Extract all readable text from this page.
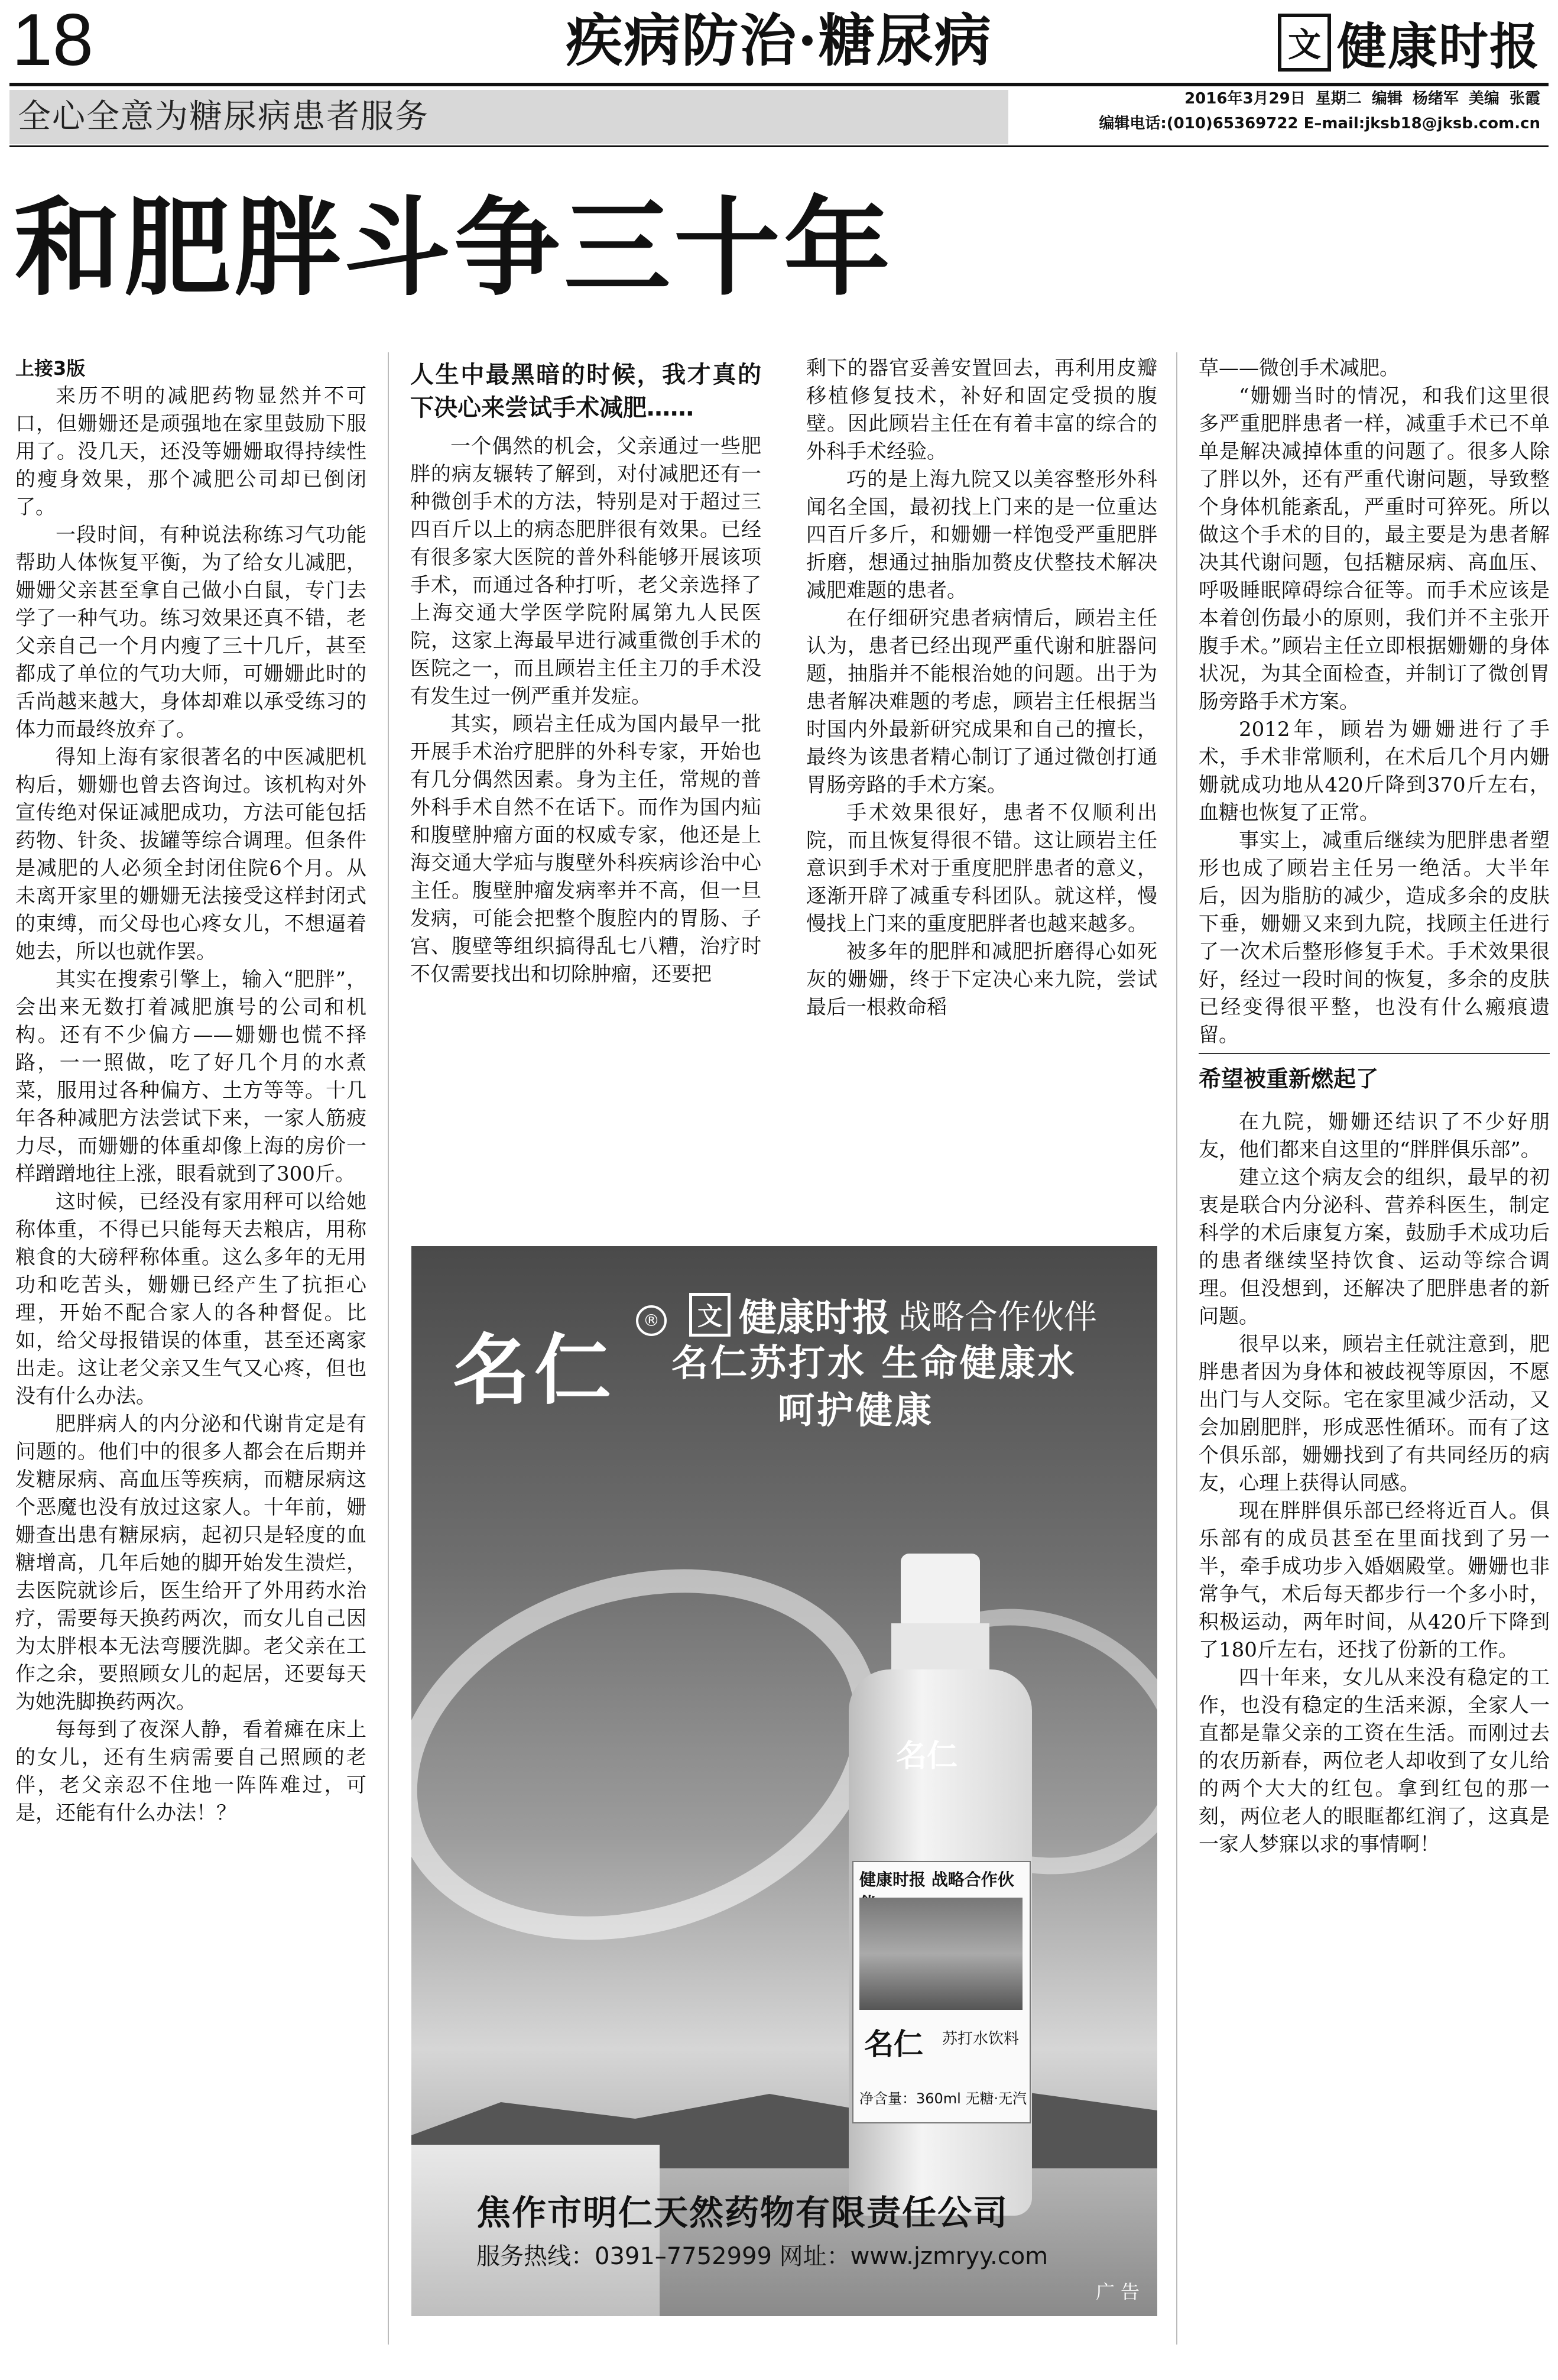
18	疾病防治·糖尿病	文 健康时报
全心全意为糖尿病患者服务	2016年3月29日 星期二 编辑 杨绪军 美编 张霞
编辑电话:(010)65369722 E–mail:jksb18@jksb.com.cn
和肥胖斗争三十年

上接3版

来历不明的减肥药物显然并不可口，但姗姗还是顽强地在家里鼓励下服用了。没几天，还没等姗姗取得持续性的瘦身效果，那个减肥公司却已倒闭了。

一段时间，有种说法称练习气功能帮助人体恢复平衡，为了给女儿减肥，姗姗父亲甚至拿自己做小白鼠，专门去学了一种气功。练习效果还真不错，老父亲自己一个月内瘦了三十几斤，甚至都成了单位的气功大师，可姗姗此时的舌尚越来越大，身体却难以承受练习的体力而最终放弃了。

得知上海有家很著名的中医减肥机构后，姗姗也曾去咨询过。该机构对外宣传绝对保证减肥成功，方法可能包括药物、针灸、拔罐等综合调理。但条件是减肥的人必须全封闭住院6个月。从未离开家里的姗姗无法接受这样封闭式的束缚，而父母也心疼女儿，不想逼着她去，所以也就作罢。

其实在搜索引擎上，输入“肥胖”，会出来无数打着减肥旗号的公司和机构。还有不少偏方——姗姗也慌不择路，一一照做，吃了好几个月的水煮菜，服用过各种偏方、土方等等。十几年各种减肥方法尝试下来，一家人筋疲力尽，而姗姗的体重却像上海的房价一样蹭蹭地往上涨，眼看就到了300斤。

这时候，已经没有家用秤可以给她称体重，不得已只能每天去粮店，用称粮食的大磅秤称体重。这么多年的无用功和吃苦头，姗姗已经产生了抗拒心理，开始不配合家人的各种督促。比如，给父母报错误的体重，甚至还离家出走。这让老父亲又生气又心疼，但也没有什么办法。

肥胖病人的内分泌和代谢肯定是有问题的。他们中的很多人都会在后期并发糖尿病、高血压等疾病，而糖尿病这个恶魔也没有放过这家人。十年前，姗姗查出患有糖尿病，起初只是轻度的血糖增高，几年后她的脚开始发生溃烂，去医院就诊后，医生给开了外用药水治疗，需要每天换药两次，而女儿自己因为太胖根本无法弯腰洗脚。老父亲在工作之余，要照顾女儿的起居，还要每天为她洗脚换药两次。

每每到了夜深人静，看着瘫在床上的女儿，还有生病需要自己照顾的老伴，老父亲忍不住地一阵阵难过，可是，还能有什么办法！？

人生中最黑暗的时候，我才真的下决心来尝试手术减肥……

一个偶然的机会，父亲通过一些肥胖的病友辗转了解到，对付减肥还有一种微创手术的方法，特别是对于超过三四百斤以上的病态肥胖很有效果。已经有很多家大医院的普外科能够开展该项手术，而通过各种打听，老父亲选择了上海交通大学医学院附属第九人民医院，这家上海最早进行减重微创手术的医院之一，而且顾岩主任主刀的手术没有发生过一例严重并发症。

其实，顾岩主任成为国内最早一批开展手术治疗肥胖的外科专家，开始也有几分偶然因素。身为主任，常规的普外科手术自然不在话下。而作为国内疝和腹壁肿瘤方面的权威专家，他还是上海交通大学疝与腹壁外科疾病诊治中心主任。腹壁肿瘤发病率并不高，但一旦发病，可能会把整个腹腔内的胃肠、子宫、腹壁等组织搞得乱七八糟，治疗时不仅需要找出和切除肿瘤，还要把

剩下的器官妥善安置回去，再利用皮瓣移植修复技术，补好和固定受损的腹壁。因此顾岩主任在有着丰富的综合的外科手术经验。

巧的是上海九院又以美容整形外科闻名全国，最初找上门来的是一位重达四百斤多斤，和姗姗一样饱受严重肥胖折磨，想通过抽脂加赘皮伏整技术解决减肥难题的患者。

在仔细研究患者病情后，顾岩主任认为，患者已经出现严重代谢和脏器问题，抽脂并不能根治她的问题。出于为患者解决难题的考虑，顾岩主任根据当时国内外最新研究成果和自己的擅长，最终为该患者精心制订了通过微创打通胃肠旁路的手术方案。

手术效果很好，患者不仅顺利出院，而且恢复得很不错。这让顾岩主任意识到手术对于重度肥胖患者的意义，逐渐开辟了减重专科团队。就这样，慢慢找上门来的重度肥胖者也越来越多。

被多年的肥胖和减肥折磨得心如死灰的姗姗，终于下定决心来九院，尝试最后一根救命稻

草——微创手术减肥。

“姗姗当时的情况，和我们这里很多严重肥胖患者一样，减重手术已不单单是解决减掉体重的问题了。很多人除了胖以外，还有严重代谢问题，导致整个身体机能紊乱，严重时可猝死。所以做这个手术的目的，最主要是为患者解决其代谢问题，包括糖尿病、高血压、呼吸睡眠障碍综合征等。而手术应该是本着创伤最小的原则，我们并不主张开腹手术。”顾岩主任立即根据姗姗的身体状况，为其全面检查，并制订了微创胃肠旁路手术方案。

2012年，顾岩为姗姗进行了手术，手术非常顺利，在术后几个月内姗姗就成功地从420斤降到370斤左右，血糖也恢复了正常。

事实上，减重后继续为肥胖患者塑形也成了顾岩主任另一绝活。大半年后，因为脂肪的减少，造成多余的皮肤下垂，姗姗又来到九院，找顾主任进行了一次术后整形修复手术。手术效果很好，经过一段时间的恢复，多余的皮肤已经变得很平整，也没有什么瘢痕遗留。

希望被重新燃起了

在九院，姗姗还结识了不少好朋友，他们都来自这里的“胖胖俱乐部”。

建立这个病友会的组织，最早的初衷是联合内分泌科、营养科医生，制定科学的术后康复方案，鼓励手术成功后的患者继续坚持饮食、运动等综合调理。但没想到，还解决了肥胖患者的新问题。

很早以来，顾岩主任就注意到，肥胖患者因为身体和被歧视等原因，不愿出门与人交际。宅在家里减少活动，又会加剧肥胖，形成恶性循环。而有了这个俱乐部，姗姗找到了有共同经历的病友，心理上获得认同感。

现在胖胖俱乐部已经将近百人。俱乐部有的成员甚至在里面找到了另一半，牵手成功步入婚姻殿堂。姗姗也非常争气，术后每天都步行一个多小时，积极运动，两年时间，从420斤下降到了180斤左右，还找了份新的工作。

四十年来，女儿从来没有稳定的工作，也没有稳定的生活来源，全家人一直都是靠父亲的工资在生活。而刚过去的农历新春，两位老人却收到了女儿给的两个大大的红包。拿到红包的那一刻，两位老人的眼眶都红润了，这真是一家人梦寐以求的事情啊！

名仁
®	文 健康时报 战略合作伙伴
名仁苏打水 生命健康水
呵护健康
名仁
健康时报 战略合作伙
名仁 苏打水饮料
净含量：360ml 无糖·无汽
焦作市明仁天然药物有限责任公司
服务热线：0391–7752999 网址：www.jzmryy.com
广 告
